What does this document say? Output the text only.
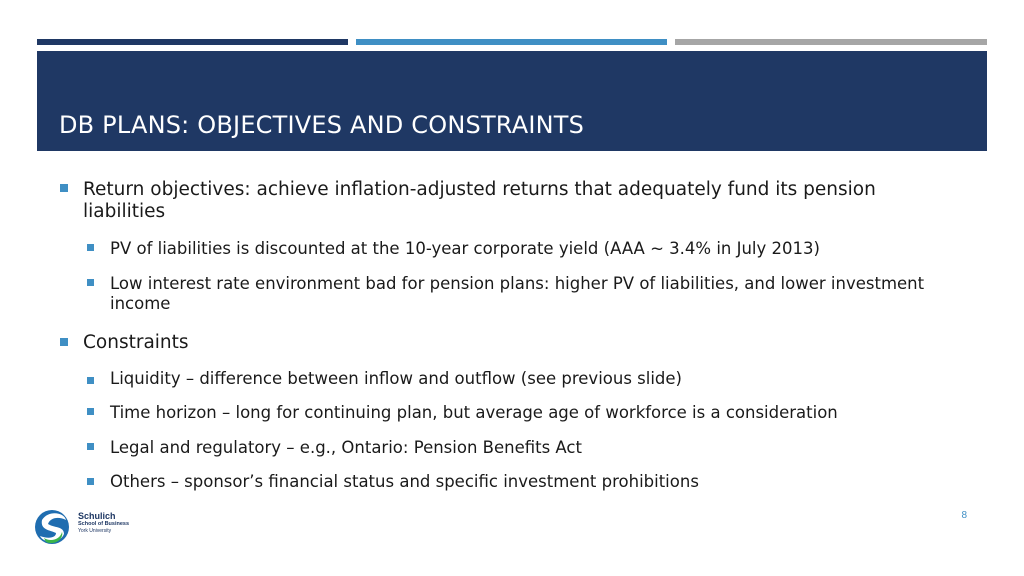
DB PLANS: OBJECTIVES AND CONSTRAINTS
Return objectives: achieve inflation-adjusted returns that adequately fund its pension liabilities
PV of liabilities is discounted at the 10-year corporate yield (AAA ~ 3.4% in July 2013)
Low interest rate environment bad for pension plans: higher PV of liabilities, and lower investment income
Constraints
Liquidity – difference between inflow and outflow (see previous slide)
Time horizon – long for continuing plan, but average age of workforce is a consideration
Legal and regulatory – e.g., Ontario: Pension Benefits Act
Others – sponsor’s financial status and specific investment prohibitions
Schulich
School of Business
York University
8
